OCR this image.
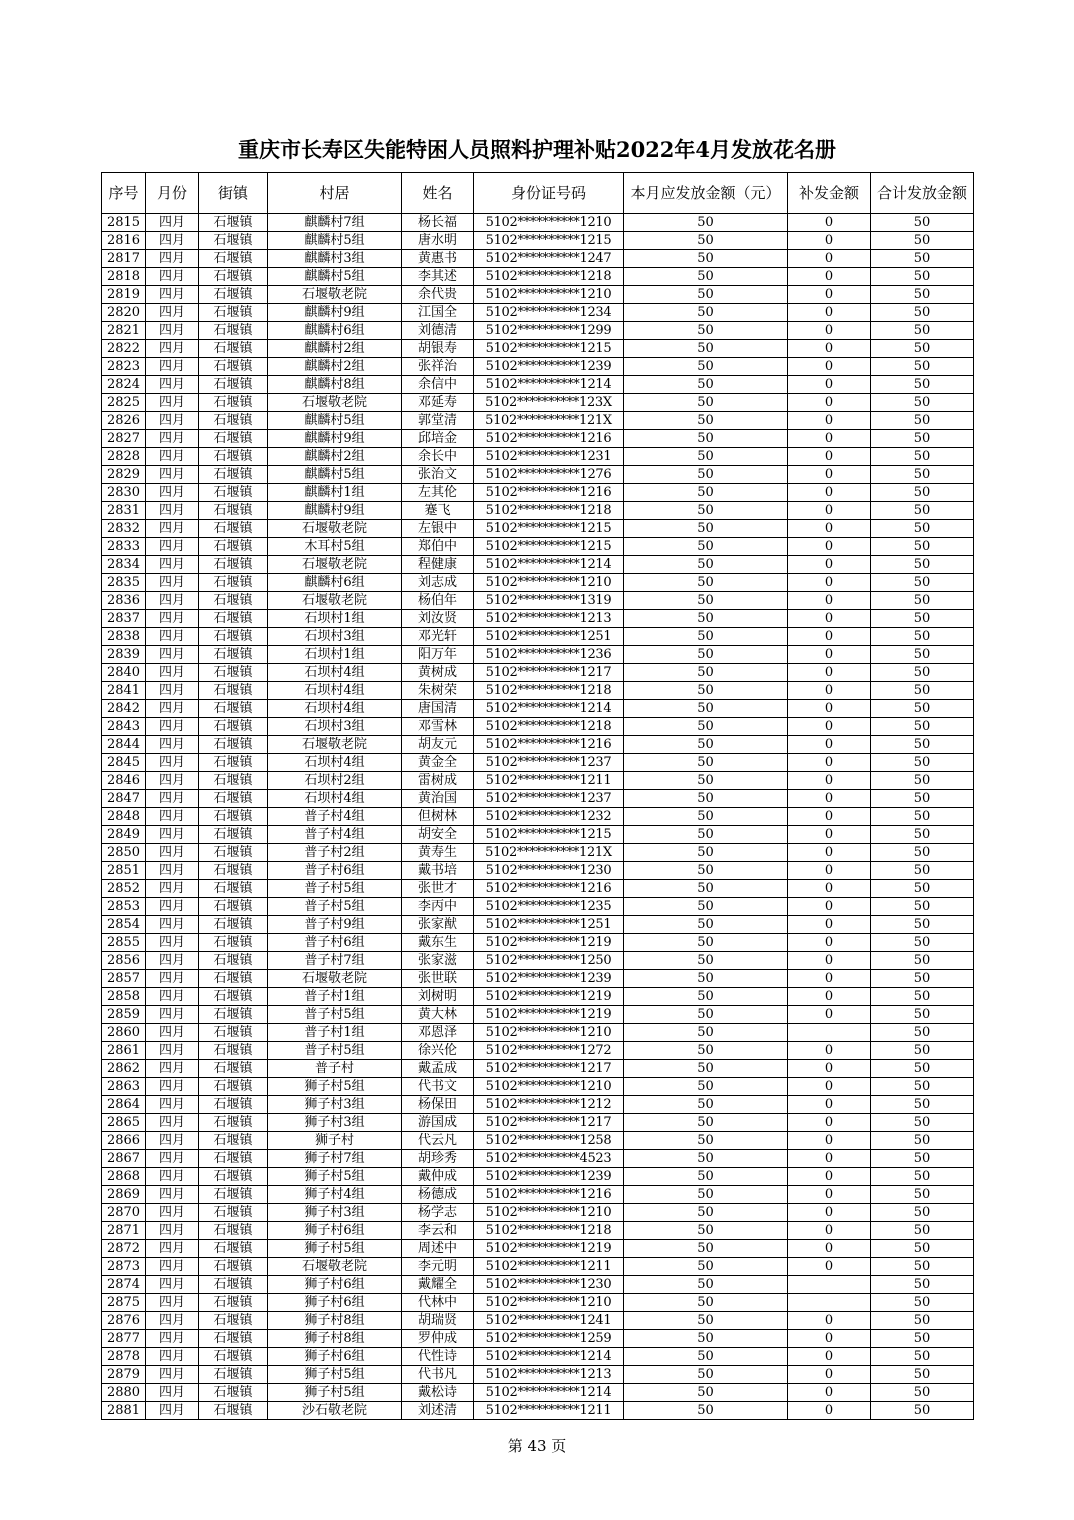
重庆市长寿区失能特困人员照料护理补贴2022年4月发放花名册
序号	月份	街镇	村居	姓名	身份证号码	本月应发放金额（元）	补发金额	合计发放金额
2815	四月	石堰镇	麒麟村7组	杨长福	5102**********1210	50	0	50
2816	四月	石堰镇	麒麟村5组	唐水明	5102**********1215	50	0	50
2817	四月	石堰镇	麒麟村3组	黄惠书	5102**********1247	50	0	50
2818	四月	石堰镇	麒麟村5组	李其述	5102**********1218	50	0	50
2819	四月	石堰镇	石堰敬老院	余代贵	5102**********1210	50	0	50
2820	四月	石堰镇	麒麟村9组	江国全	5102**********1234	50	0	50
2821	四月	石堰镇	麒麟村6组	刘德清	5102**********1299	50	0	50
2822	四月	石堰镇	麒麟村2组	胡银寿	5102**********1215	50	0	50
2823	四月	石堰镇	麒麟村2组	张祥治	5102**********1239	50	0	50
2824	四月	石堰镇	麒麟村8组	余信中	5102**********1214	50	0	50
2825	四月	石堰镇	石堰敬老院	邓延寿	5102**********123X	50	0	50
2826	四月	石堰镇	麒麟村5组	郭堂清	5102**********121X	50	0	50
2827	四月	石堰镇	麒麟村9组	邱培金	5102**********1216	50	0	50
2828	四月	石堰镇	麒麟村2组	余长中	5102**********1231	50	0	50
2829	四月	石堰镇	麒麟村5组	张治文	5102**********1276	50	0	50
2830	四月	石堰镇	麒麟村1组	左其伦	5102**********1216	50	0	50
2831	四月	石堰镇	麒麟村9组	蹇飞	5102**********1218	50	0	50
2832	四月	石堰镇	石堰敬老院	左银中	5102**********1215	50	0	50
2833	四月	石堰镇	木耳村5组	郑伯中	5102**********1215	50	0	50
2834	四月	石堰镇	石堰敬老院	程健康	5102**********1214	50	0	50
2835	四月	石堰镇	麒麟村6组	刘志成	5102**********1210	50	0	50
2836	四月	石堰镇	石堰敬老院	杨伯年	5102**********1319	50	0	50
2837	四月	石堰镇	石坝村1组	刘汝贤	5102**********1213	50	0	50
2838	四月	石堰镇	石坝村3组	邓光轩	5102**********1251	50	0	50
2839	四月	石堰镇	石坝村1组	阳万年	5102**********1236	50	0	50
2840	四月	石堰镇	石坝村4组	黄树成	5102**********1217	50	0	50
2841	四月	石堰镇	石坝村4组	朱树荣	5102**********1218	50	0	50
2842	四月	石堰镇	石坝村4组	唐国清	5102**********1214	50	0	50
2843	四月	石堰镇	石坝村3组	邓雪林	5102**********1218	50	0	50
2844	四月	石堰镇	石堰敬老院	胡友元	5102**********1216	50	0	50
2845	四月	石堰镇	石坝村4组	黄金全	5102**********1237	50	0	50
2846	四月	石堰镇	石坝村2组	雷树成	5102**********1211	50	0	50
2847	四月	石堰镇	石坝村4组	黄治国	5102**********1237	50	0	50
2848	四月	石堰镇	普子村4组	但树林	5102**********1232	50	0	50
2849	四月	石堰镇	普子村4组	胡安全	5102**********1215	50	0	50
2850	四月	石堰镇	普子村2组	黄寿生	5102**********121X	50	0	50
2851	四月	石堰镇	普子村6组	戴书培	5102**********1230	50	0	50
2852	四月	石堰镇	普子村5组	张世才	5102**********1216	50	0	50
2853	四月	石堰镇	普子村5组	李丙中	5102**********1235	50	0	50
2854	四月	石堰镇	普子村9组	张家猷	5102**********1251	50	0	50
2855	四月	石堰镇	普子村6组	戴东生	5102**********1219	50	0	50
2856	四月	石堰镇	普子村7组	张家滋	5102**********1250	50	0	50
2857	四月	石堰镇	石堰敬老院	张世联	5102**********1239	50	0	50
2858	四月	石堰镇	普子村1组	刘树明	5102**********1219	50	0	50
2859	四月	石堰镇	普子村5组	黄大林	5102**********1219	50	0	50
2860	四月	石堰镇	普子村1组	邓恩泽	5102**********1210	50		50
2861	四月	石堰镇	普子村5组	徐兴伦	5102**********1272	50	0	50
2862	四月	石堰镇	普子村	戴孟成	5102**********1217	50	0	50
2863	四月	石堰镇	狮子村5组	代书文	5102**********1210	50	0	50
2864	四月	石堰镇	狮子村3组	杨保田	5102**********1212	50	0	50
2865	四月	石堰镇	狮子村3组	游国成	5102**********1217	50	0	50
2866	四月	石堰镇	狮子村	代云凡	5102**********1258	50	0	50
2867	四月	石堰镇	狮子村7组	胡珍秀	5102**********4523	50	0	50
2868	四月	石堰镇	狮子村5组	戴仲成	5102**********1239	50	0	50
2869	四月	石堰镇	狮子村4组	杨德成	5102**********1216	50	0	50
2870	四月	石堰镇	狮子村3组	杨学志	5102**********1210	50	0	50
2871	四月	石堰镇	狮子村6组	李云和	5102**********1218	50	0	50
2872	四月	石堰镇	狮子村5组	周述中	5102**********1219	50	0	50
2873	四月	石堰镇	石堰敬老院	李元明	5102**********1211	50	0	50
2874	四月	石堰镇	狮子村6组	戴耀全	5102**********1230	50		50
2875	四月	石堰镇	狮子村6组	代林中	5102**********1210	50		50
2876	四月	石堰镇	狮子村8组	胡瑞贤	5102**********1241	50	0	50
2877	四月	石堰镇	狮子村8组	罗仲成	5102**********1259	50	0	50
2878	四月	石堰镇	狮子村6组	代性诗	5102**********1214	50	0	50
2879	四月	石堰镇	狮子村5组	代书凡	5102**********1213	50	0	50
2880	四月	石堰镇	狮子村5组	戴松诗	5102**********1214	50	0	50
2881	四月	石堰镇	沙石敬老院	刘述清	5102**********1211	50	0	50
第 43 页
